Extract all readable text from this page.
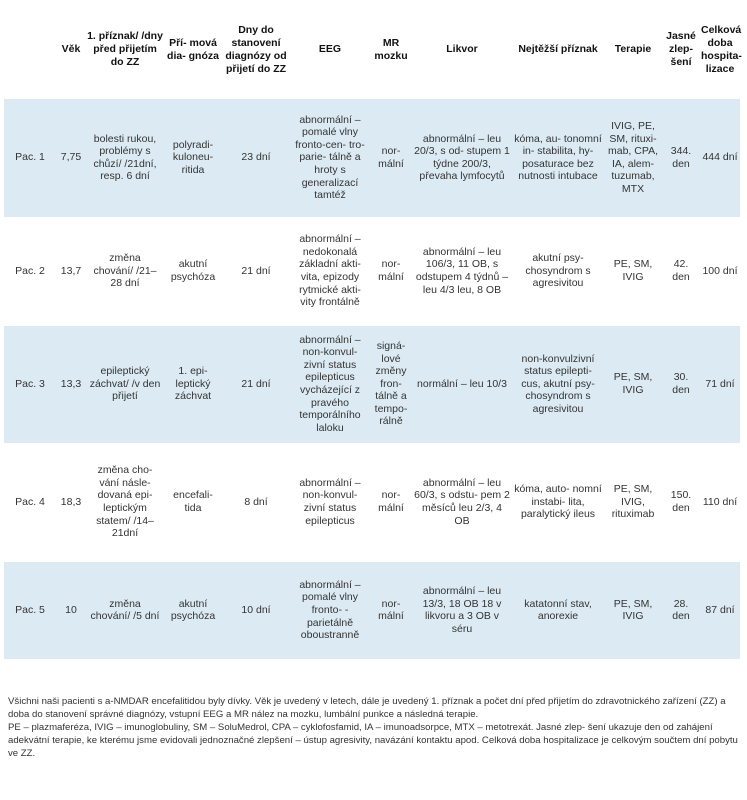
	Věk	1. příznak/ /dny před přijetím do ZZ	Pří- mová dia- gnóza	Dny do stanovení diagnózy od přijetí do ZZ	EEG	MR mozku	Likvor	Nejtěžší příznak	Terapie	Jasné zlep- šení	Celková doba hospita- lizace
Pac. 1	7,75	bolesti rukou, problémy s chůzí/ /21dní, resp. 6 dní	polyradi- kuloneu- ritida	23 dní	abnormální – pomalé vlny fronto-cen- tro-parie- tálně a hroty s generalizací tamtéž	nor- mální	abnormální – leu 20/3, s od- stupem 1 týdne 200/3, převaha lymfocytů	kóma, au- tonomní in- stabilita, hy- posaturace bez nutnosti intubace	IVIG, PE, SM, rituxi- mab, CPA, IA, alem- tuzumab, MTX	344. den	444 dní
Pac. 2	13,7	změna chování/ /21–28 dní	akutní psychóza	21 dní	abnormální – nedokonalá základní akti- vita, epizody rytmické akti- vity frontálně	nor- mální	abnormální – leu 106/3, 11 OB, s odstupem 4 týdnů – leu 4/3 leu, 8 OB	akutní psy- chosyndrom s agresivitou	PE, SM, IVIG	42. den	100 dní
Pac. 3	13,3	epileptický záchvat/ /v den přijetí	1. epi- leptický záchvat	21 dní	abnormální – non-konvul- zivní status epilepticus vycházející z pravého temporálního laloku	signá- lové změny fron- tálně a tempo- rálně	normální – leu 10/3	non-konvulzivní status epilepti- cus, akutní psy- chosyndrom s agresivitou	PE, SM, IVIG	30. den	71 dní
Pac. 4	18,3	změna cho- vání násle- dovaná epi- leptickým statem/ /14–21dní	encefali- tida	8 dní	abnormální – non-konvul- zivní status epilepticus	nor- mální	abnormální – leu 60/3, s odstu- pem 2 měsíců leu 2/3, 4 OB	kóma, auto- nomní instabi- lita, paralytický ileus	PE, SM, IVIG, rituximab	150. den	110 dní
Pac. 5	10	změna chování/ /5 dní	akutní psychóza	10 dní	abnormální – pomalé vlny fronto- -parietálně oboustranně	nor- mální	abnormální – leu 13/3, 18 OB 18 v likvoru a 3 OB v séru	katatonní stav, anorexie	PE, SM, IVIG	28. den	87 dní

Všichni naši pacienti s a-NMDAR encefalitidou byly dívky. Věk je uvedený v letech, dále je uvedený 1. příznak a počet dní před přijetím do zdravotnického zařízení (ZZ) a doba do stanovení správné diagnózy, vstupní EEG a MR nález na mozku, lumbální punkce a následná terapie.

PE – plazmaferéza, IVIG – imunoglobuliny, SM – SoluMedrol, CPA – cyklofosfamid, IA – imunoadsorpce, MTX – metotrexát. Jasné zlep- šení ukazuje den od zahájení adekvátní terapie, ke kterému jsme evidovali jednoznačné zlepšení – ústup agresivity, navázání kontaktu apod. Celková doba hospitalizace je celkovým součtem dní pobytu ve ZZ.
